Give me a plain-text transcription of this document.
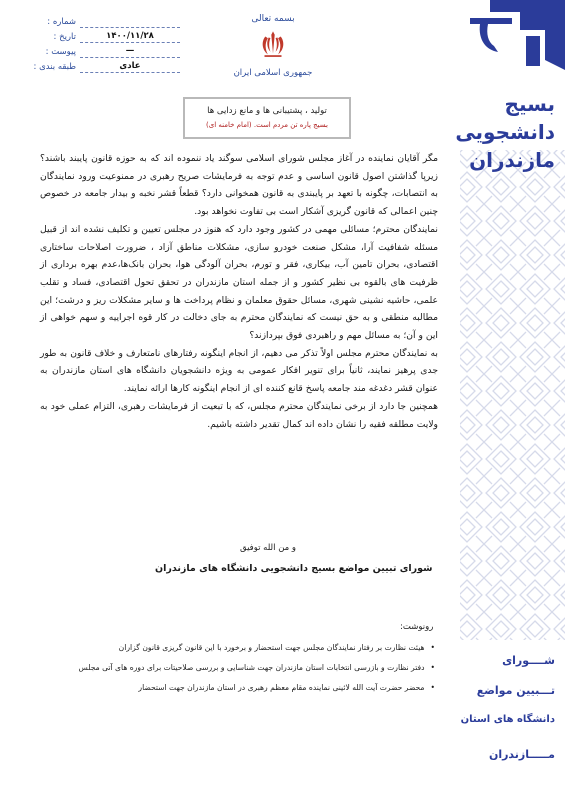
شماره :
تاریخ :	۱۴۰۰/۱۱/۲۸
پیوست :	—
طبقه بندی :	عادی
بسمه تعالی
جمهوری اسلامی ایران
تولید ، پشتیبانی ها و مانع زدایی ها
بسیج پاره تن مردم است. (امام خامنه ای)
بسیج
دانشجویی
مازندران
شــــورای
تـــبیین مواضع
دانشگاه های استان
مـــــازندران

مگر آقایان نماینده در آغاز مجلس شورای اسلامی سوگند یاد ننموده اند که به حوزه قانون پایبند باشند؟ زیرپا گذاشتن اصول قانون اساسی و عدم توجه به فرمایشات صریح رهبری در ممنوعیت ورود نمایندگان به انتصابات، چگونه با تعهد بر پایبندی به قانون همخوانی دارد؟ قطعاً قشر نخبه و بیدار جامعه در خصوص چنین اعمالی که قانون گریزی آشکار است بی تفاوت نخواهد بود.

نمایندگان محترم؛ مسائلی مهمی در کشور وجود دارد که هنوز در مجلس تعیین و تکلیف نشده اند از قبیل مسئله شفافیت آرا، مشکل صنعت خودرو سازی، مشکلات مناطق آزاد ، ضرورت اصلاحات ساختاری اقتصادی، بحران تامین آب، بیکاری، فقر و تورم، بحران آلودگی هوا، بحران بانک‌ها،عدم بهره برداری از ظرفیت های بالقوه بی نظیر کشور و از جمله استان مازندران در تحقق تحول اقتصادی، فساد و تقلب علمی، حاشیه نشینی شهری، مسائل حقوق معلمان و نظام پرداخت ها و سایر مشکلات ریز و درشت؛ این مطالبه منطقی و به حق نیست که نمایندگان محترم به جای دخالت در کار قوه اجراییه و سهم خواهی از این و آن؛ به مسائل مهم و راهبردی فوق بپردازند؟

به نمایندگان محترم مجلس اولاً تذکر می دهیم، از انجام اینگونه رفتارهای نامتعارف و خلاف قانون به طور جدی پرهیز نمایند، ثانیاً برای تنویر افکار عمومی به ویژه دانشجویان دانشگاه های استان مازندران به عنوان قشر دغدغه مند جامعه پاسخ قانع کننده ای از انجام اینگونه کارها ارائه نمایند.

همچنین جا دارد از برخی نمایندگان محترم مجلس، که با تبعیت از فرمایشات رهبری، التزام عملی خود به ولایت مطلقه فقیه را نشان داده اند کمال تقدیر داشته باشیم.

و من الله توفیق
شورای تبیین مواضع بسیج دانشجویی دانشگاه های مازندران
رونوشت:
• هیئت نظارت بر رفتار نمایندگان مجلس جهت استحضار و برخورد با این قانون گریزی قانون گزاران
• دفتر نظارت و بازرسی انتخابات استان مازندران جهت شناسایی و بررسی صلاحیتات برای دوره های آتی مجلس
• محضر حضرت آیت الله لائینی نماینده مقام معظم رهبری در استان مازندران جهت استحضار
